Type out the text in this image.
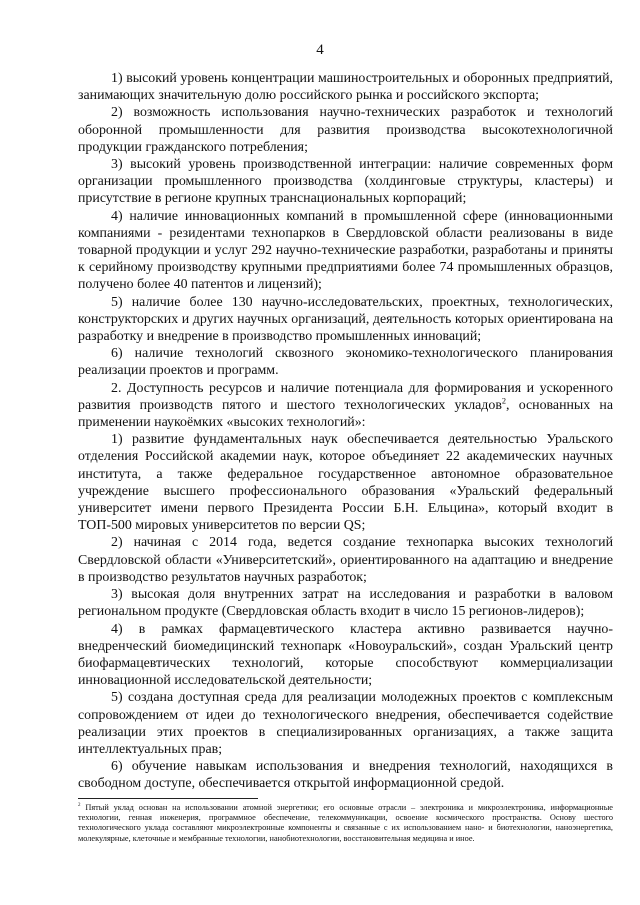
4

1) высокий уровень концентрации машиностроительных и оборонных предприятий, занимающих значительную долю российского рынка и российского экспорта;

2) возможность использования научно-технических разработок и технологий оборонной промышленности для развития производства высокотехнологичной продукции гражданского потребления;

3) высокий уровень производственной интеграции: наличие современных форм организации промышленного производства (холдинговые структуры, кластеры) и присутствие в регионе крупных транснациональных корпораций;

4) наличие инновационных компаний в промышленной сфере (инновационными компаниями - резидентами технопарков в Свердловской области реализованы в виде товарной продукции и услуг 292 научно-технические разработки, разработаны и приняты к серийному производству крупными предприятиями более 74 промышленных образцов, получено более 40 патентов и лицензий);

5) наличие более 130 научно-исследовательских, проектных, технологических, конструкторских и других научных организаций, деятельность которых ориентирована на разработку и внедрение в производство промышленных инноваций;

6) наличие технологий сквозного экономико-технологического планирования реализации проектов и программ.

2. Доступность ресурсов и наличие потенциала для формирования и ускоренного развития производств пятого и шестого технологических укладов$^2$, основанных на применении наукоёмких «высоких технологий»:

1) развитие фундаментальных наук обеспечивается деятельностью Уральского отделения Российской академии наук, которое объединяет 22 академических научных института, а также федеральное государственное автономное образовательное учреждение высшего профессионального образования «Уральский федеральный университет имени первого Президента России Б.Н. Ельцина», который входит в ТОП-500 мировых университетов по версии QS;

2) начиная с 2014 года, ведется создание технопарка высоких технологий Свердловской области «Университетский», ориентированного на адаптацию и внедрение в производство результатов научных разработок;

3) высокая доля внутренних затрат на исследования и разработки в валовом региональном продукте (Свердловская область входит в число 15 регионов-лидеров);

4) в рамках фармацевтического кластера активно развивается научно-внедренческий биомедицинский технопарк «Новоуральский», создан Уральский центр биофармацевтических технологий, которые способствуют коммерциализации инновационной исследовательской деятельности;

5) создана доступная среда для реализации молодежных проектов с комплексным сопровождением от идеи до технологического внедрения, обеспечивается содействие реализации этих проектов в специализированных организациях, а также защита интеллектуальных прав;

6) обучение навыкам использования и внедрения технологий, находящихся в свободном доступе, обеспечивается открытой информационной средой.

$^2$ Пятый уклад основан на использовании атомной энергетики; его основные отрасли – электроника и микроэлектроника, информационные технологии, генная инженерия, программное обеспечение, телекоммуникации, освоение космического пространства. Основу шестого технологического уклада составляют микроэлектронные компоненты и связанные с их использованием нано- и биотехнологии, наноэнергетика, молекулярные, клеточные и мембранные технологии, нанобиотехнологии, восстановительная медицина и иное.
